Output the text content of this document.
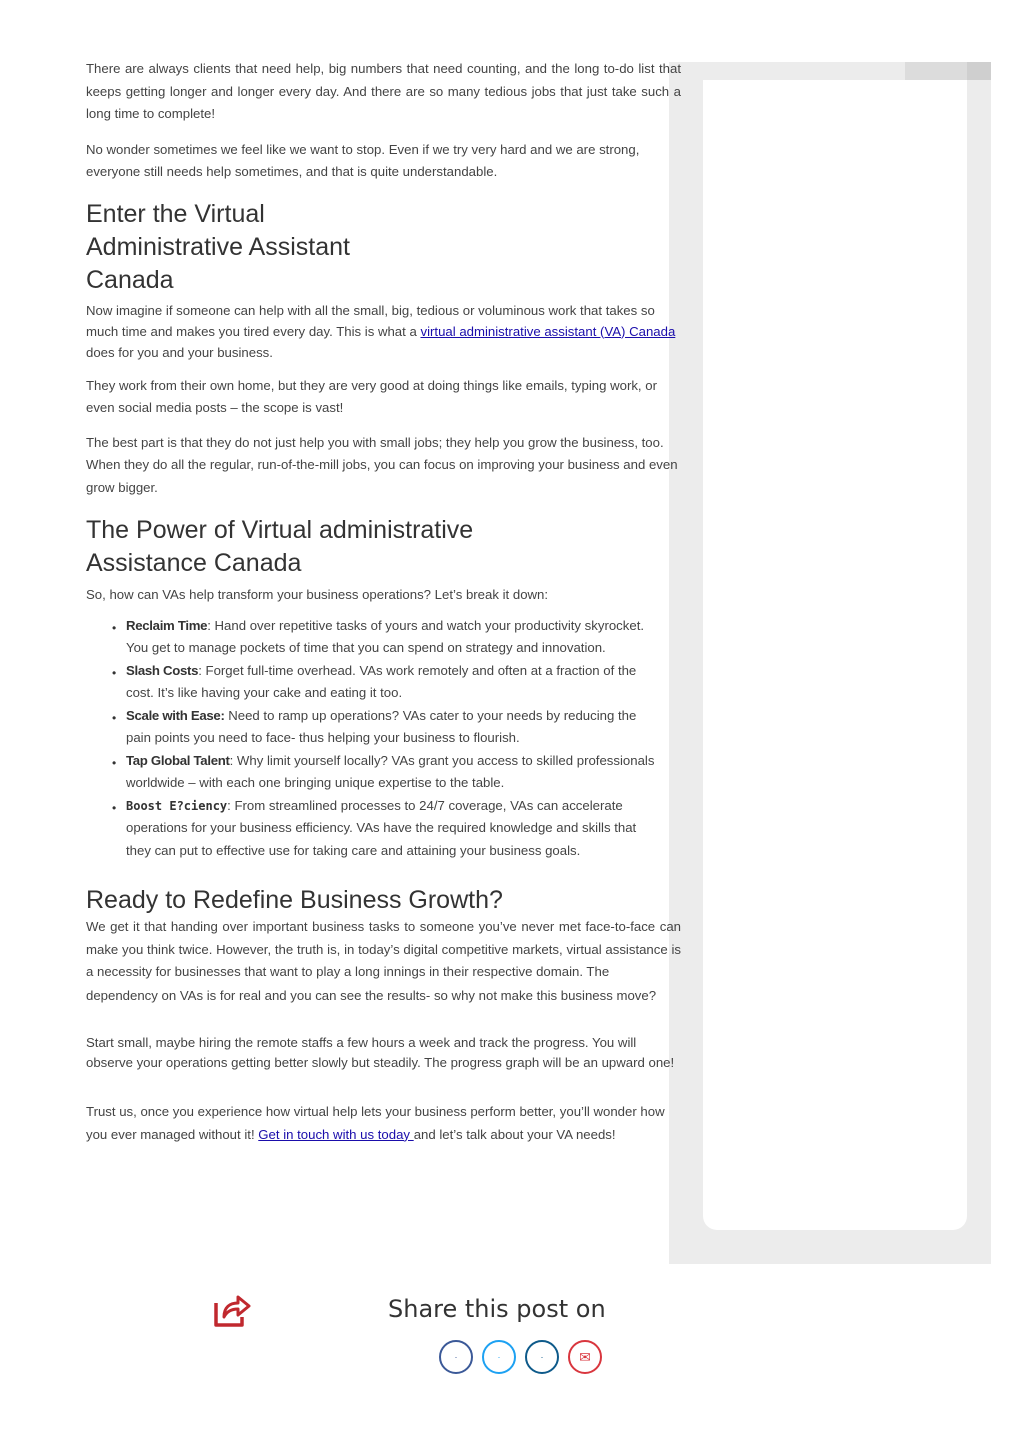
There are always clients that need help, big numbers that need counting, and the long to-do list that keeps getting longer and longer every day. And there are so many tedious jobs that just take such a long time to complete!

No wonder sometimes we feel like we want to stop. Even if we try very hard and we are strong, everyone still needs help sometimes, and that is quite understandable.

Enter the Virtual
Administrative Assistant
Canada

Now imagine if someone can help with all the small, big, tedious or voluminous work that takes so much time and makes you tired every day. This is what a virtual administrative assistant (VA) Canada does for you and your business.

They work from their own home, but they are very good at doing things like emails, typing work, or even social media posts – the scope is vast!

The best part is that they do not just help you with small jobs; they help you grow the business, too. When they do all the regular, run-of-the-mill jobs, you can focus on improving your business and even grow bigger.

The Power of Virtual administrative
Assistance Canada

So, how can VAs help transform your business operations? Let’s break it down:

• Reclaim Time: Hand over repetitive tasks of yours and watch your productivity skyrocket. You get to manage pockets of time that you can spend on strategy and innovation.
• Slash Costs: Forget full-time overhead. VAs work remotely and often at a fraction of the cost. It’s like having your cake and eating it too.
• Scale with Ease: Need to ramp up operations? VAs cater to your needs by reducing the pain points you need to face- thus helping your business to flourish.
• Tap Global Talent: Why limit yourself locally? VAs grant you access to skilled professionals worldwide – with each one bringing unique expertise to the table.
• Boost E?ciency: From streamlined processes to 24/7 coverage, VAs can accelerate operations for your business efficiency. VAs have the required knowledge and skills that they can put to effective use for taking care and attaining your business goals.
Ready to Redefine Business Growth?

We get it that handing over important business tasks to someone you’ve never met face-to-face can make you think twice. However, the truth is, in today’s digital competitive markets, virtual assistance is a necessity for businesses that want to play a long innings in their respective domain. The

dependency on VAs is for real and you can see the results- so why not make this business move?

Start small, maybe hiring the remote staffs a few hours a week and track the progress. You will observe your operations getting better slowly but steadily. The progress graph will be an upward one!

Trust us, once you experience how virtual help lets your business perform better, you’ll wonder how you ever managed without it! Get in touch with us today and let’s talk about your VA needs!

Share this post on
·	·	·	✉
